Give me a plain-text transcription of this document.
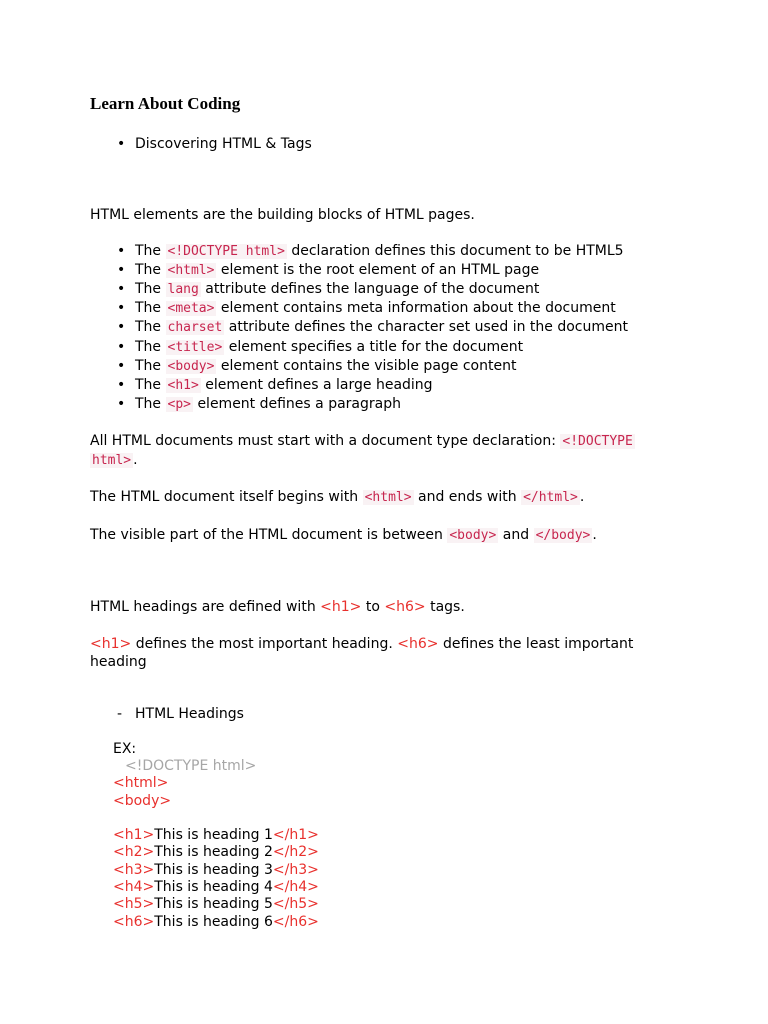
Learn About Coding
• Discovering HTML & Tags
HTML elements are the building blocks of HTML pages.
• The <!DOCTYPE html> declaration defines this document to be HTML5
• The <html> element is the root element of an HTML page
• The lang attribute defines the language of the document
• The <meta> element contains meta information about the document
• The charset attribute defines the character set used in the document
• The <title> element specifies a title for the document
• The <body> element contains the visible page content
• The <h1> element defines a large heading
• The <p> element defines a paragraph
All HTML documents must start with a document type declaration: <!DOCTYPE
html> .
The HTML document itself begins with <html> and ends with </html> .
The visible part of the HTML document is between <body> and </body> .
HTML headings are defined with <h1> to <h6> tags.
<h1> defines the most important heading. <h6> defines the least important
heading
- HTML Headings
EX:
<!DOCTYPE html>
<html>
<body>
<h1>This is heading 1</h1>
<h2>This is heading 2</h2>
<h3>This is heading 3</h3>
<h4>This is heading 4</h4>
<h5>This is heading 5</h5>
<h6>This is heading 6</h6>
